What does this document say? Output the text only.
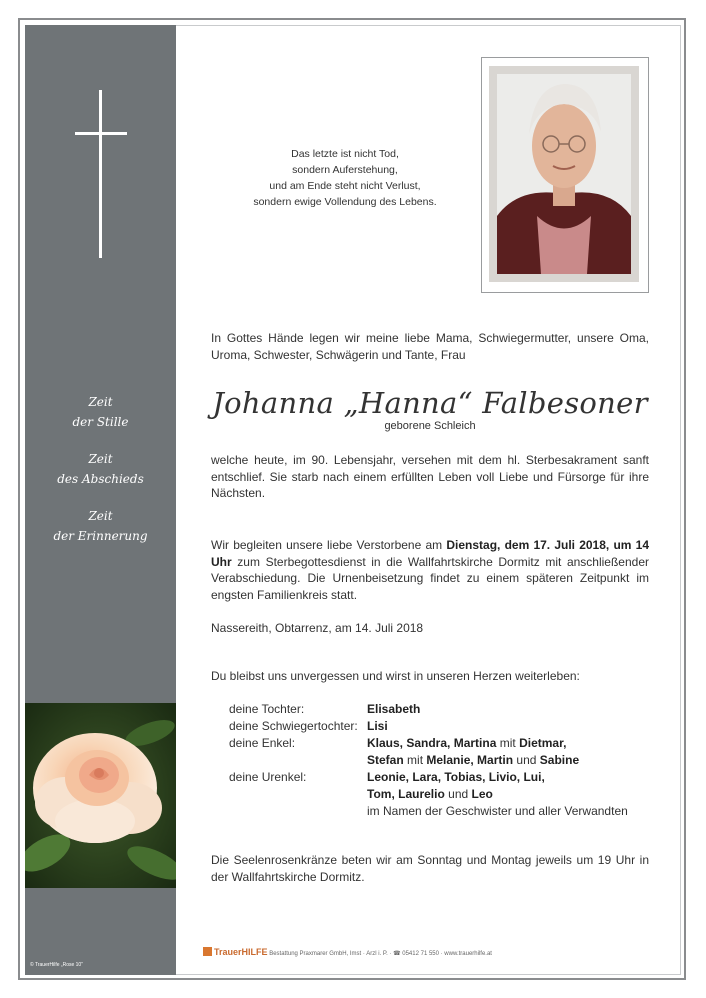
Zeit
der Stille
Zeit
des Abschieds
Zeit
der Erinnerung
© TrauerHilfe „Rose 10“
Das letzte ist nicht Tod,
sondern Auferstehung,
und am Ende steht nicht Verlust,
sondern ewige Vollendung des Lebens.
In Gottes Hände legen wir meine liebe Mama, Schwiegermutter, unsere Oma, Uroma, Schwester, Schwägerin und Tante, Frau
Johanna „Hanna“ Falbesoner
geborene Schleich
welche heute, im 90. Lebensjahr, versehen mit dem hl. Sterbesakrament sanft entschlief. Sie starb nach einem erfüllten Leben voll Liebe und Fürsorge für ihre Nächsten.
Wir begleiten unsere liebe Verstorbene am Dienstag, dem 17. Juli 2018, um 14 Uhr zum Sterbegottesdienst in die Wallfahrtskirche Dormitz mit anschließender Verabschiedung. Die Urnenbeisetzung findet zu einem späteren Zeitpunkt im engsten Familienkreis statt.
Nassereith, Obtarrenz, am 14. Juli 2018
Du bleibst uns unvergessen und wirst in unseren Herzen weiterleben:
deine Tochter:	Elisabeth
deine Schwiegertochter:	Lisi
deine Enkel:	Klaus, Sandra, Martina mit Dietmar,
	Stefan mit Melanie, Martin und Sabine
deine Urenkel:	Leonie, Lara, Tobias, Livio, Lui,
	Tom, Laurelio und Leo
	im Namen der Geschwister und aller Verwandten
Die Seelenrosenkränze beten wir am Sonntag und Montag jeweils um 19 Uhr in der Wallfahrtskirche Dormitz.
TrauerHILFE Bestattung Praxmarer GmbH, Imst · Arzl i. P. · ☎ 05412 71 550 · www.trauerhilfe.at
